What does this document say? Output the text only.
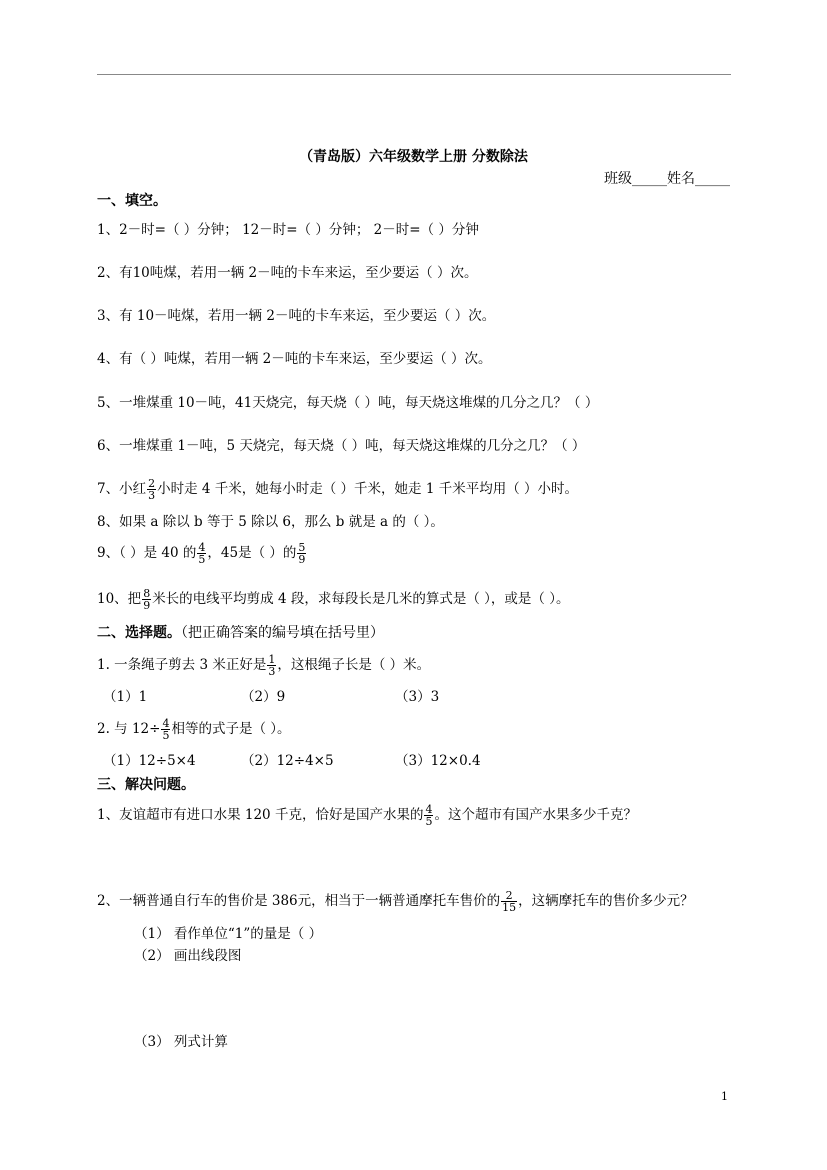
（青岛版）六年级数学上册 分数除法
班级_____姓名_____
一、填空。
1、2－时=（ ）分钟； 12－时=（ ）分钟； 2－时=（ ）分钟
2、有10吨煤，若用一辆 2－吨的卡车来运，至少要运（ ）次。
3、有 10－吨煤，若用一辆 2－吨的卡车来运，至少要运（ ）次。
4、有（ ）吨煤，若用一辆 2－吨的卡车来运，至少要运（ ）次。
5、一堆煤重 10－吨，41天烧完，每天烧（ ）吨，每天烧这堆煤的几分之几？（ ）
6、一堆煤重 1－吨，5 天烧完，每天烧（ ）吨，每天烧这堆煤的几分之几？（ ）
7、小红 $\frac{2}{3}$ 小时走 4 千米，她每小时走（ ）千米，她走 1 千米平均用（ ）小时。
8、如果 a 除以 b 等于 5 除以 6，那么 b 就是 a 的（ ）。
9、（ ）是 40 的 $\frac{4}{5}$ ，45是（ ）的 $\frac{5}{9}$
10、把 $\frac{8}{9}$ 米长的电线平均剪成 4 段，求每段长是几米的算式是（ ），或是（ ）。
二、选择题。（把正确答案的编号填在括号里）
1. 一条绳子剪去 3 米正好是 $\frac{1}{3}$ ，这根绳子长是（ ）米。
（1）1	（2）9	（3）3
2. 与 $12\div \frac{4}{5}$ 相等的式子是（ ）。
（1）12÷5×4	（2）12÷4×5	（3）12×0.4
三、解决问题。
1、友谊超市有进口水果 120 千克，恰好是国产水果的 $\frac{4}{5}$ 。这个超市有国产水果多少千克？
2、一辆普通自行车的售价是 386元，相当于一辆普通摩托车售价的 $\frac{2}{15}$ ，这辆摩托车的售价多少元？
（1） 看作单位“1”的量是（ ）
（2） 画出线段图
（3） 列式计算
1
